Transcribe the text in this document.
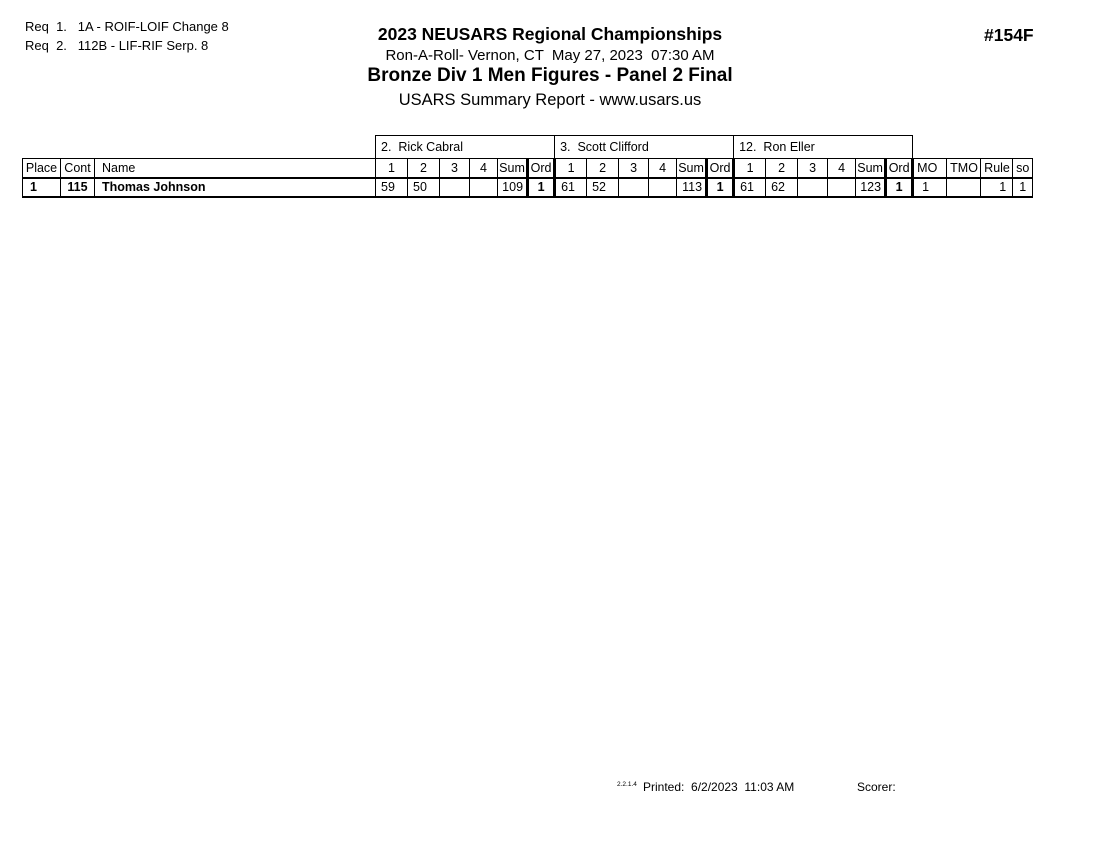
Req  1.   1A - ROIF-LOIF Change 8
Req  2.   112B - LIF-RIF Serp. 8
2023 NEUSARS Regional Championships
Ron-A-Roll- Vernon, CT  May 27, 2023  07:30 AM
Bronze Div 1 Men Figures - Panel 2 Final
USARS Summary Report - www.usars.us
#154F
			2.  Rick Cabral						3.  Scott Clifford						12.  Ron Eller									
Place	Cont	Name	1	2	3	4	Sum	Ord	1	2	3	4	Sum	Ord	1	2	3	4	Sum	Ord	MO	TMO	Rule	so
1	115	Thomas Johnson	59	50			109	1	61	52			113	1	61	62			123	1	1		1	1
2.2.1.4 Printed:  6/2/2023  11:03 AM	Scorer:
